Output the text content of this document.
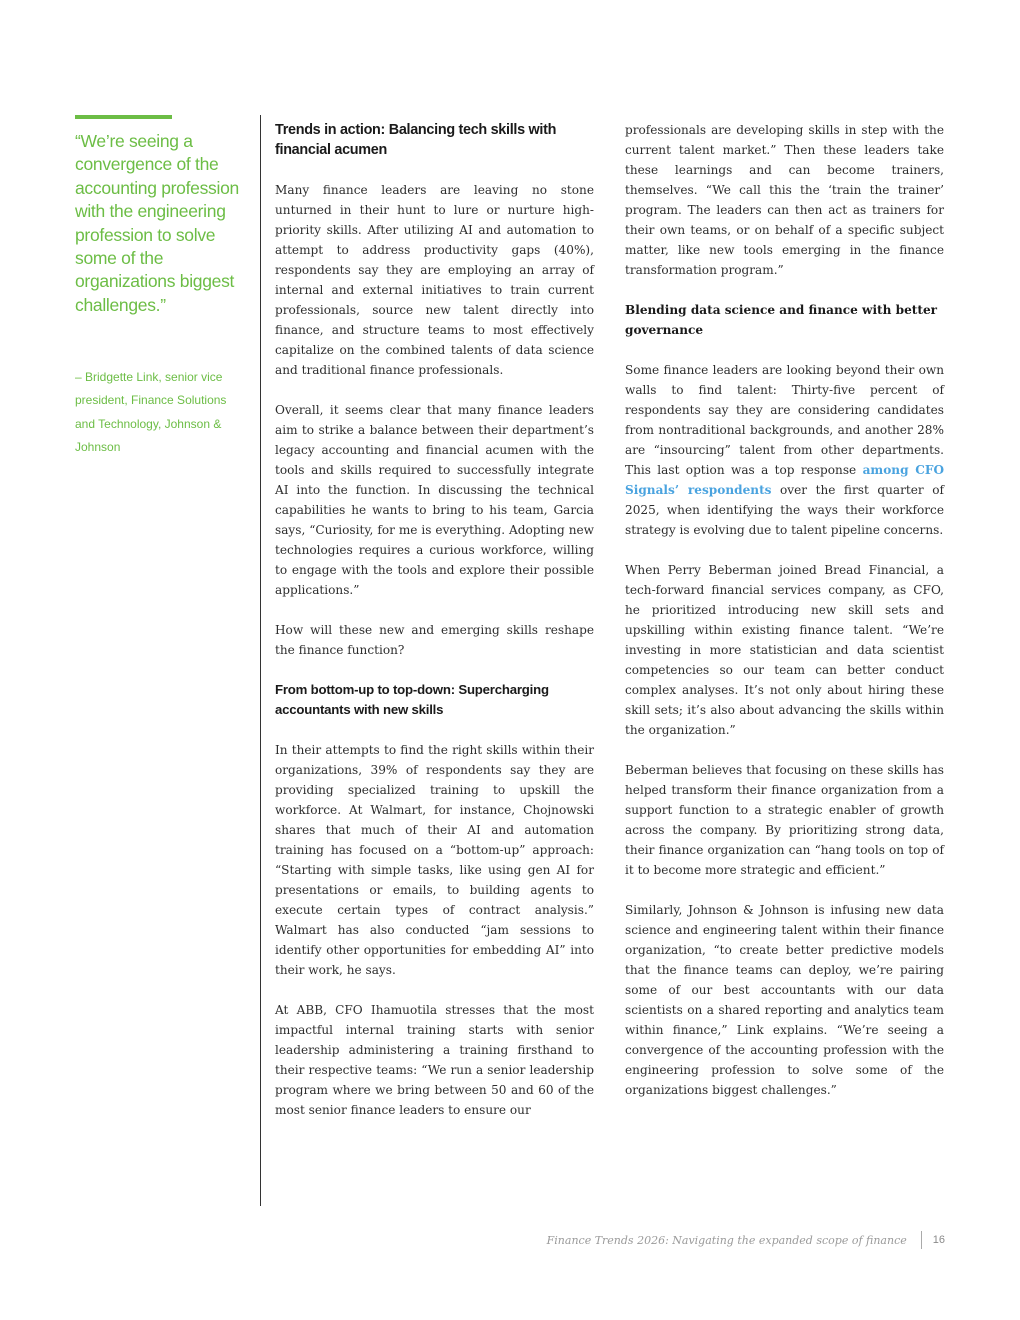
“We’re seeing a convergence of the accounting profession with the engineering profession to solve some of the organizations biggest challenges.”

– Bridgette Link, senior vice president, Finance Solutions and Technology, Johnson & Johnson

Trends in action: Balancing tech skills with financial acumen

Many finance leaders are leaving no stone unturned in their hunt to lure or nurture high-priority skills. After utilizing AI and automation to attempt to address productivity gaps (40%), respondents say they are employing an array of internal and external initiatives to train current professionals, source new talent directly into finance, and structure teams to most effectively capitalize on the combined talents of data science and traditional finance professionals.

Overall, it seems clear that many finance leaders aim to strike a balance between their department’s legacy accounting and financial acumen with the tools and skills required to successfully integrate AI into the function. In discussing the technical capabilities he wants to bring to his team, Garcia says, “Curiosity, for me is everything. Adopting new technologies requires a curious workforce, willing to engage with the tools and explore their possible applications.”

How will these new and emerging skills reshape the finance function?

From bottom-up to top-down: Supercharging accountants with new skills

In their attempts to find the right skills within their organizations, 39% of respondents say they are providing specialized training to upskill the workforce. At Walmart, for instance, Chojnowski shares that much of their AI and automation training has focused on a “bottom-up” approach: “Starting with simple tasks, like using gen AI for presentations or emails, to building agents to execute certain types of contract analysis.” Walmart has also conducted “jam sessions to identify other opportunities for embedding AI” into their work, he says.

At ABB, CFO Ihamuotila stresses that the most impactful internal training starts with senior leadership administering a training firsthand to their respective teams: “We run a senior leadership program where we bring between 50 and 60 of the most senior finance leaders to ensure our

professionals are developing skills in step with the current talent market.” Then these leaders take these learnings and can become trainers, themselves. “We call this the ‘train the trainer’ program. The leaders can then act as trainers for their own teams, or on behalf of a specific subject matter, like new tools emerging in the finance transformation program.”

Blending data science and finance with better governance

Some finance leaders are looking beyond their own walls to find talent: Thirty-five percent of respondents say they are considering candidates from nontraditional backgrounds, and another 28% are “insourcing” talent from other departments. This last option was a top response among CFO Signals’ respondents over the first quarter of 2025, when identifying the ways their workforce strategy is evolving due to talent pipeline concerns.

When Perry Beberman joined Bread Financial, a tech-forward financial services company, as CFO, he prioritized introducing new skill sets and upskilling within existing finance talent. “We’re investing in more statistician and data scientist competencies so our team can better conduct complex analyses. It’s not only about hiring these skill sets; it’s also about advancing the skills within the organization.”

Beberman believes that focusing on these skills has helped transform their finance organization from a support function to a strategic enabler of growth across the company. By prioritizing strong data, their finance organization can “hang tools on top of it to become more strategic and efficient.”

Similarly, Johnson & Johnson is infusing new data science and engineering talent within their finance organization, “to create better predictive models that the finance teams can deploy, we’re pairing some of our best accountants with our data scientists on a shared reporting and analytics team within finance,” Link explains. “We’re seeing a convergence of the accounting profession with the engineering profession to solve some of the organizations biggest challenges.”

Finance Trends 2026: Navigating the expanded scope of finance 16
